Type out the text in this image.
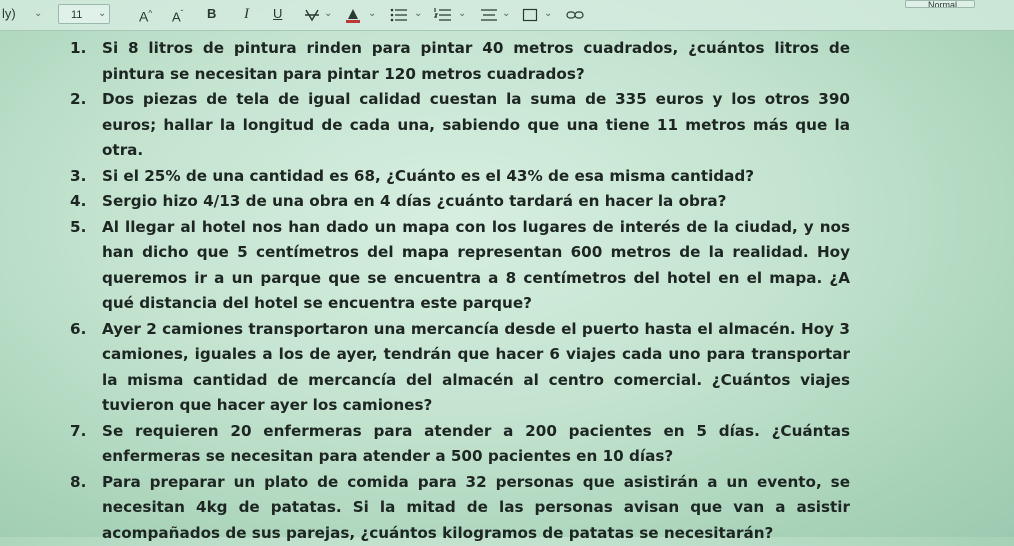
ly) ⌄	11	⌄ A^ $A^ˇ$ B I U	⌄	⌄	⌄	⌄	⌄	⌄
Normal
1. Si 8 litros de pintura rinden para pintar 40 metros cuadrados, ¿cuántos litros de pintura se necesitan para pintar 120 metros cuadrados?
2. Dos piezas de tela de igual calidad cuestan la suma de 335 euros y los otros 390 euros; hallar la longitud de cada una, sabiendo que una tiene 11 metros más que la otra.
3. Si el 25% de una cantidad es 68, ¿Cuánto es el 43% de esa misma cantidad?
4. Sergio hizo 4/13 de una obra en 4 días ¿cuánto tardará en hacer la obra?
5. Al llegar al hotel nos han dado un mapa con los lugares de interés de la ciudad, y nos han dicho que 5 centímetros del mapa representan 600 metros de la realidad. Hoy queremos ir a un parque que se encuentra a 8 centímetros del hotel en el mapa. ¿A qué distancia del hotel se encuentra este parque?
6. Ayer 2 camiones transportaron una mercancía desde el puerto hasta el almacén. Hoy 3 camiones, iguales a los de ayer, tendrán que hacer 6 viajes cada uno para transportar la misma cantidad de mercancía del almacén al centro comercial. ¿Cuántos viajes tuvieron que hacer ayer los camiones?
7. Se requieren 20 enfermeras para atender a 200 pacientes en 5 días. ¿Cuántas enfermeras se necesitan para atender a 500 pacientes en 10 días?
8. Para preparar un plato de comida para 32 personas que asistirán a un evento, se necesitan 4kg de patatas. Si la mitad de las personas avisan que van a asistir acompañados de sus parejas, ¿cuántos kilogramos de patatas se necesitarán?
